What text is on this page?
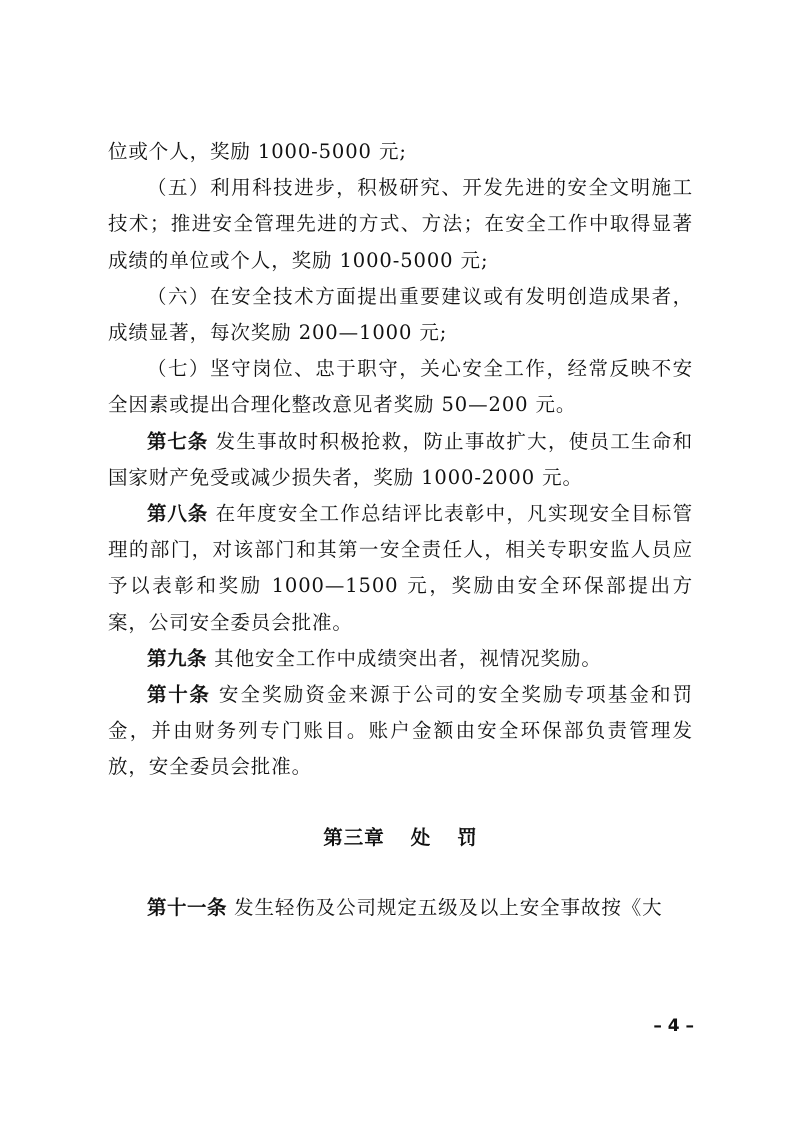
位或个人，奖励 1000-5000 元;

（五）利用科技进步，积极研究、开发先进的安全文明施工技术；推进安全管理先进的方式、方法；在安全工作中取得显著成绩的单位或个人，奖励 1000-5000 元;

（六）在安全技术方面提出重要建议或有发明创造成果者，成绩显著，每次奖励 200—1000 元;

（七）坚守岗位、忠于职守，关心安全工作，经常反映不安全因素或提出合理化整改意见者奖励 50—200 元。

第七条 发生事故时积极抢救，防止事故扩大，使员工生命和国家财产免受或减少损失者，奖励 1000-2000 元。

第八条 在年度安全工作总结评比表彰中，凡实现安全目标管理的部门，对该部门和其第一安全责任人，相关专职安监人员应予以表彰和奖励 1000—1500 元，奖励由安全环保部提出方案，公司安全委员会批准。

第九条 其他安全工作中成绩突出者，视情况奖励。

第十条 安全奖励资金来源于公司的安全奖励专项基金和罚金，并由财务列专门账目。账户金额由安全环保部负责管理发放，安全委员会批准。

第三章 处 罚

第十一条 发生轻伤及公司规定五级及以上安全事故按《大

– 4 –
